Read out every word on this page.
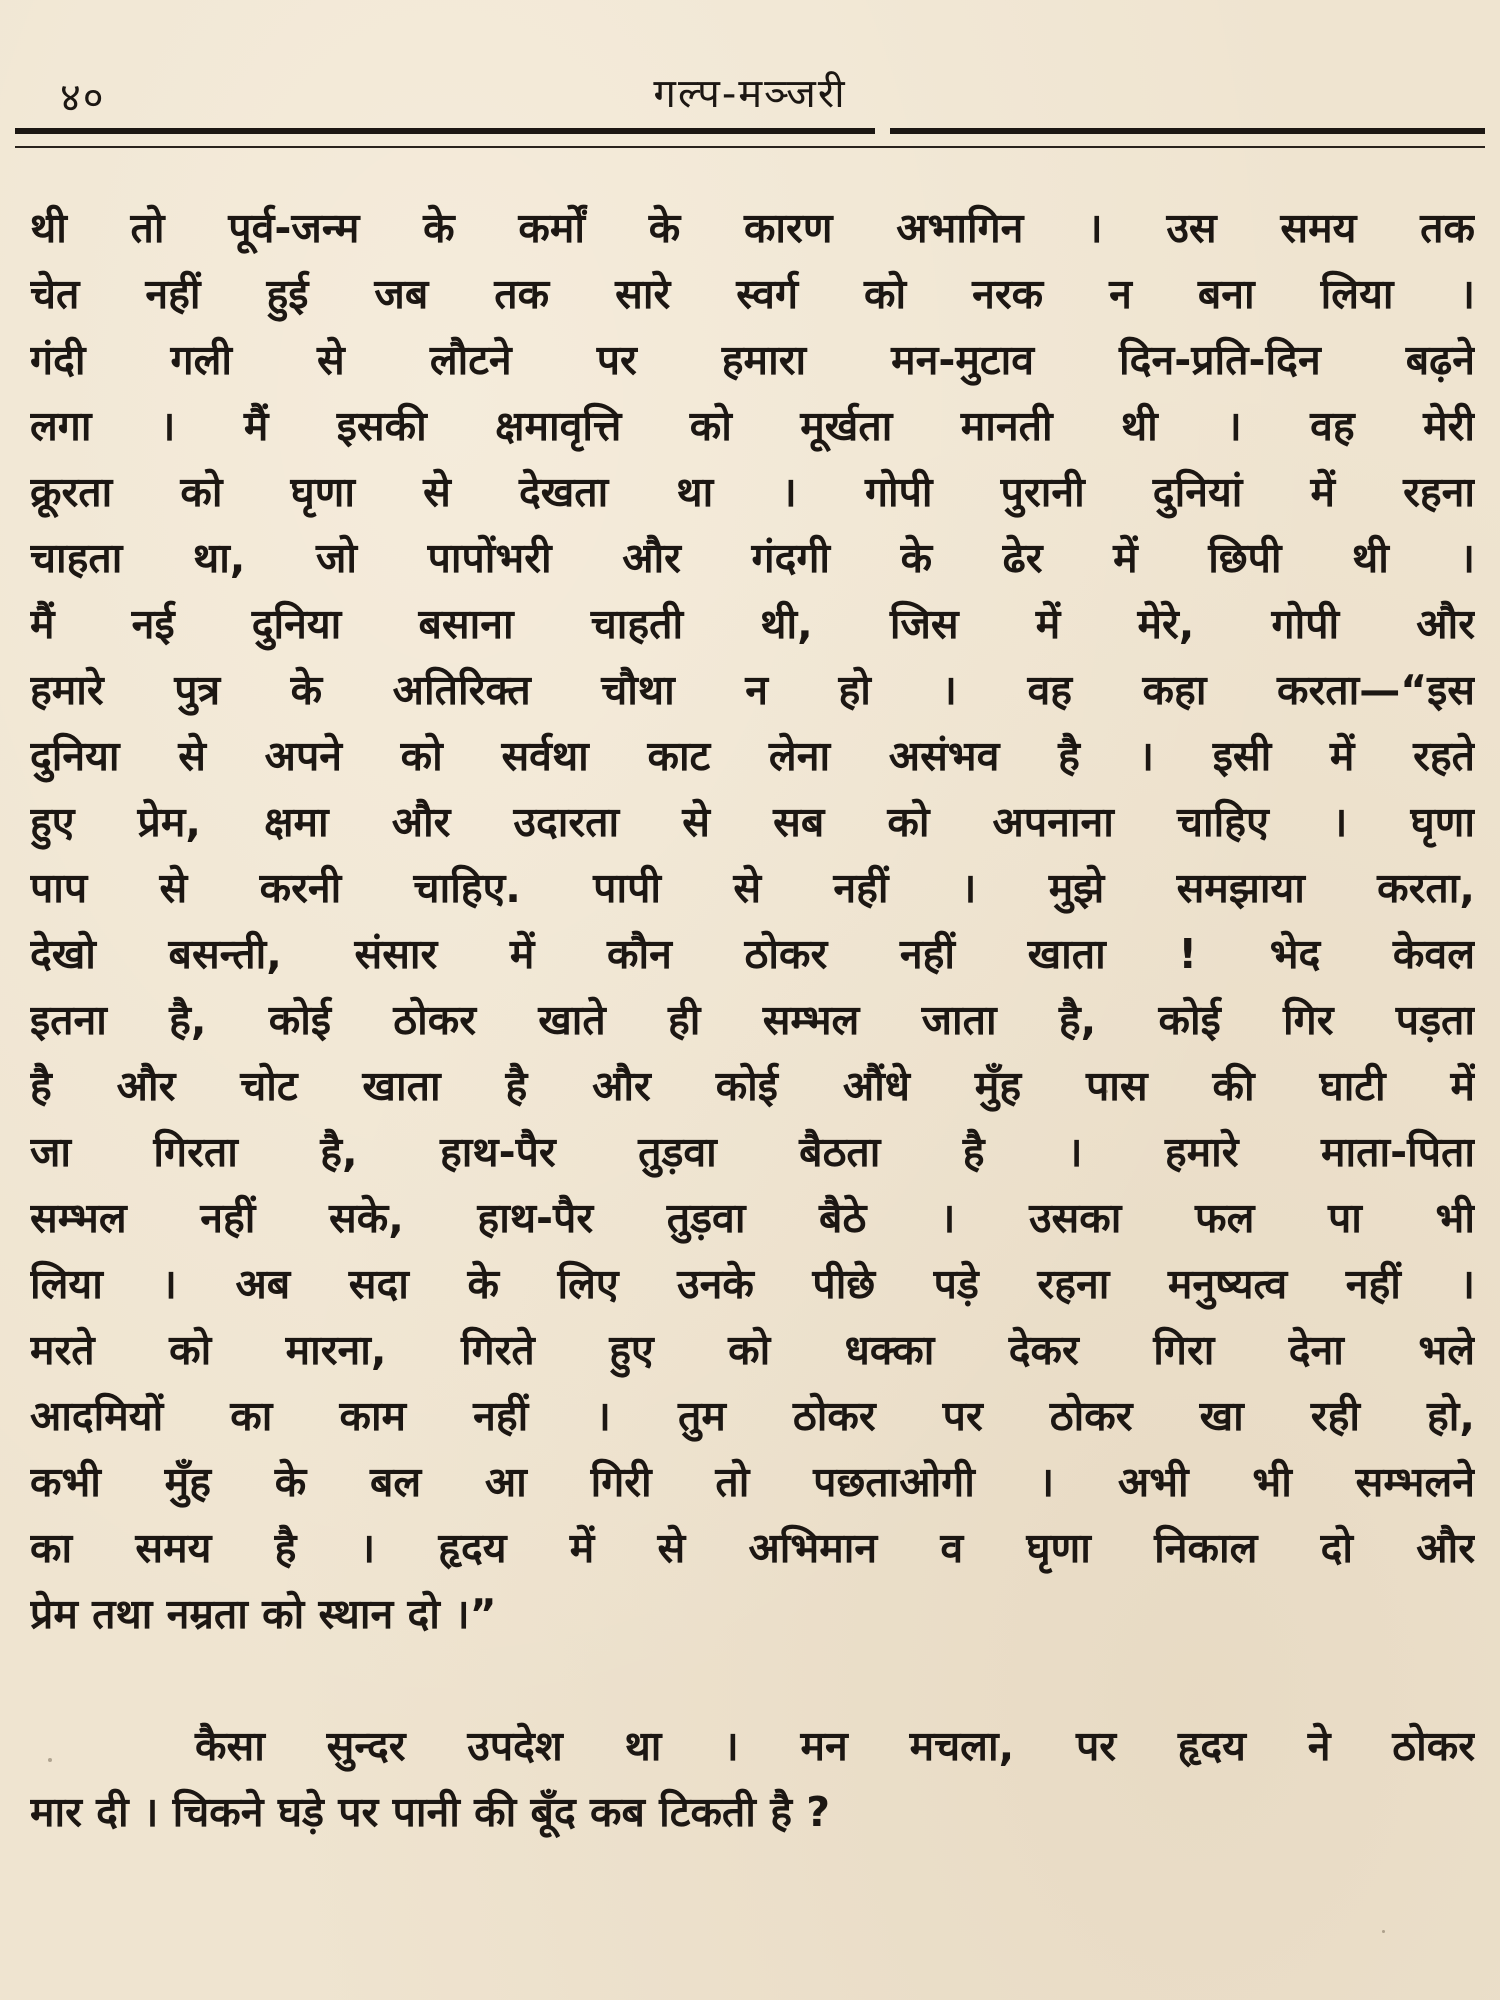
४०	गल्प-मञ्जरी
थी तो पूर्व-जन्म के कर्मों के कारण अभागिन । उस समय तक
चेत नहीं हुई जब तक सारे स्वर्ग को नरक न बना लिया ।
गंदी गली से लौटने पर हमारा मन-मुटाव दिन-प्रति-दिन बढ़ने
लगा । मैं इसकी क्षमावृत्ति को मूर्खता मानती थी । वह मेरी
क्रूरता को घृणा से देखता था । गोपी पुरानी दुनियां में रहना
चाहता था, जो पापोंभरी और गंदगी के ढेर में छिपी थी ।
मैं नई दुनिया बसाना चाहती थी, जिस में मेरे, गोपी और
हमारे पुत्र के अतिरिक्त चौथा न हो । वह कहा करता—“इस
दुनिया से अपने को सर्वथा काट लेना असंभव है । इसी में रहते
हुए प्रेम, क्षमा और उदारता से सब को अपनाना चाहिए । घृणा
पाप से करनी चाहिए. पापी से नहीं । मुझे समझाया करता,
देखो बसन्ती, संसार में कौन ठोकर नहीं खाता ! भेद केवल
इतना है, कोई ठोकर खाते ही सम्भल जाता है, कोई गिर पड़ता
है और चोट खाता है और कोई औंधे मुँह पास की घाटी में
जा गिरता है, हाथ-पैर तुड़वा बैठता है । हमारे माता-पिता
सम्भल नहीं सके, हाथ-पैर तुड़वा बैठे । उसका फल पा भी
लिया । अब सदा के लिए उनके पीछे पड़े रहना मनुष्यत्व नहीं ।
मरते को मारना, गिरते हुए को धक्का देकर गिरा देना भले
आदमियों का काम नहीं । तुम ठोकर पर ठोकर खा रही हो,
कभी मुँह के बल आ गिरी तो पछताओगी । अभी भी सम्भलने
का समय है । हृदय में से अभिमान व घृणा निकाल दो और
प्रेम तथा नम्रता को स्थान दो ।”
कैसा सुन्दर उपदेश था । मन मचला, पर हृदय ने ठोकर
मार दी । चिकने घड़े पर पानी की बूँद कब टिकती है ?
